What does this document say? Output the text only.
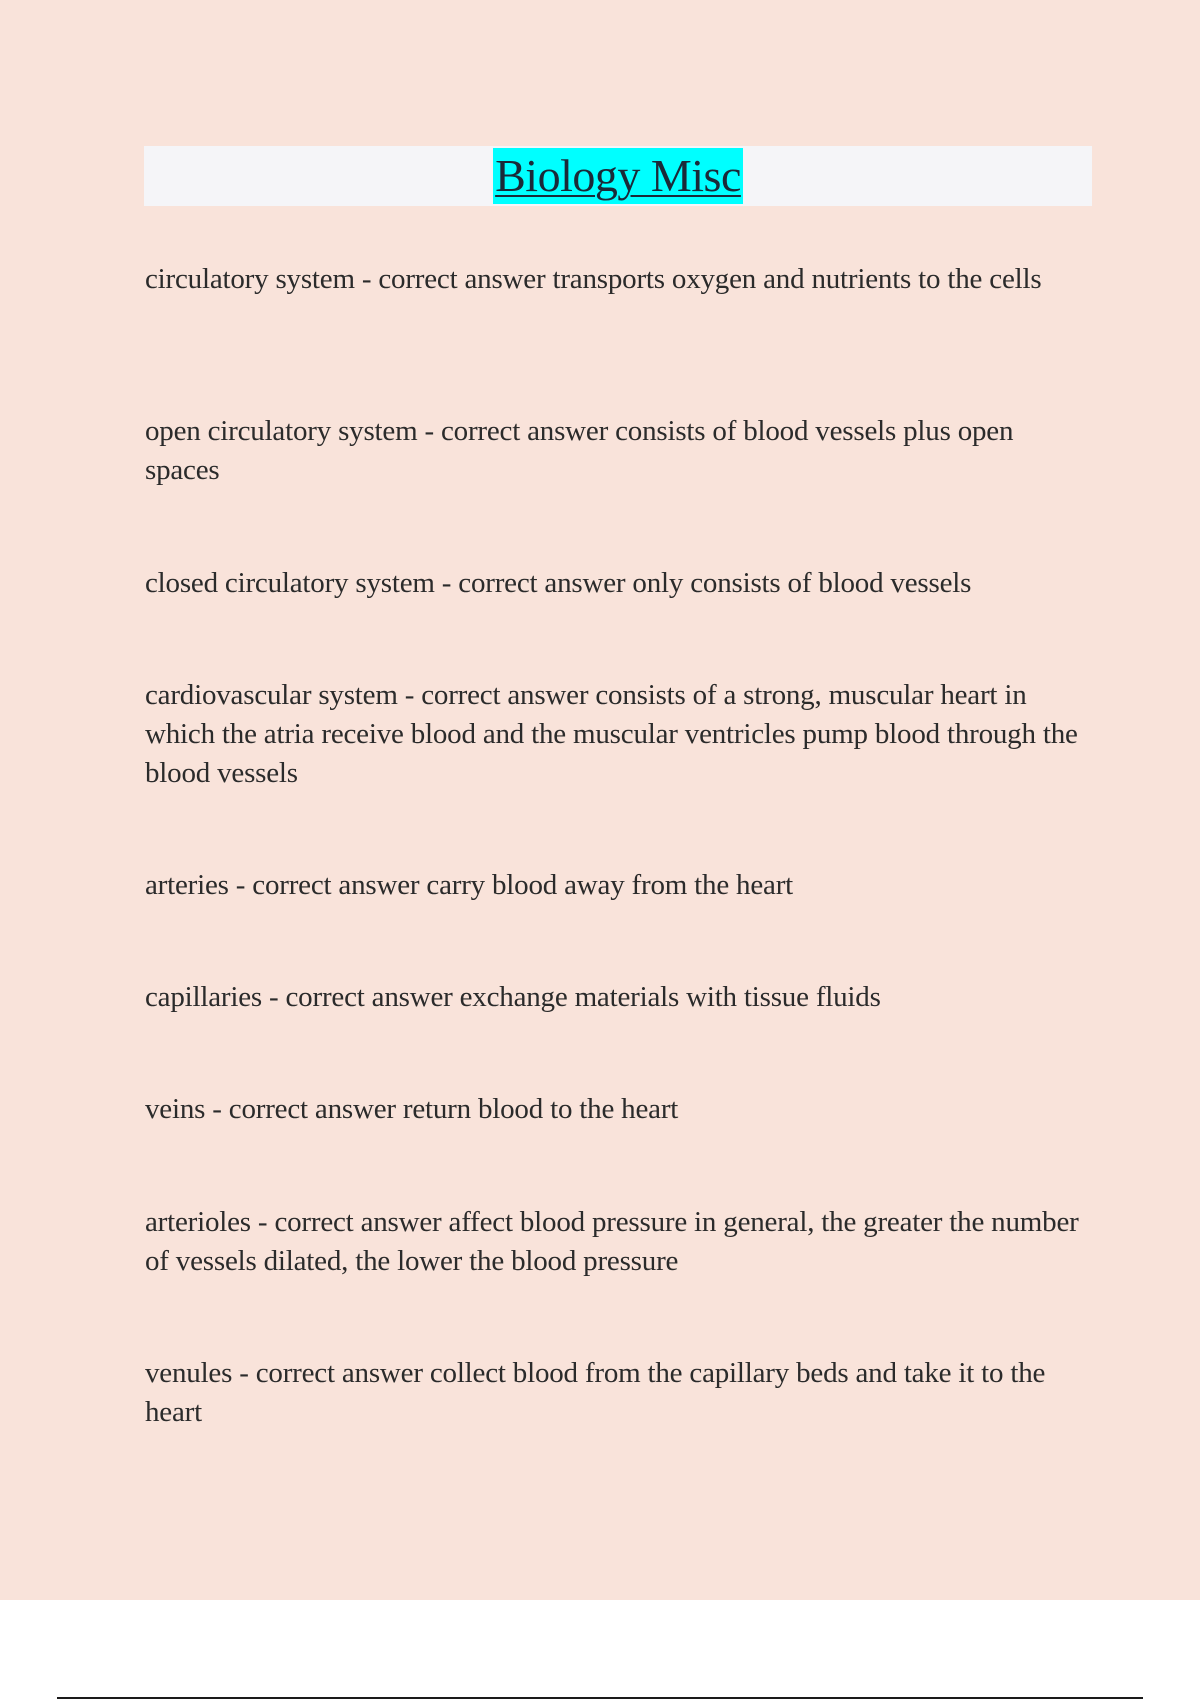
Biology Misc

circulatory system - correct answer transports oxygen and nutrients to the cells

open circulatory system - correct answer consists of blood vessels plus open spaces

closed circulatory system - correct answer only consists of blood vessels

cardiovascular system - correct answer consists of a strong, muscular heart in which the atria receive blood and the muscular ventricles pump blood through the blood vessels

arteries - correct answer carry blood away from the heart

capillaries - correct answer exchange materials with tissue fluids

veins - correct answer return blood to the heart

arterioles - correct answer affect blood pressure in general, the greater the number of vessels dilated, the lower the blood pressure

venules - correct answer collect blood from the capillary beds and take it to the heart
